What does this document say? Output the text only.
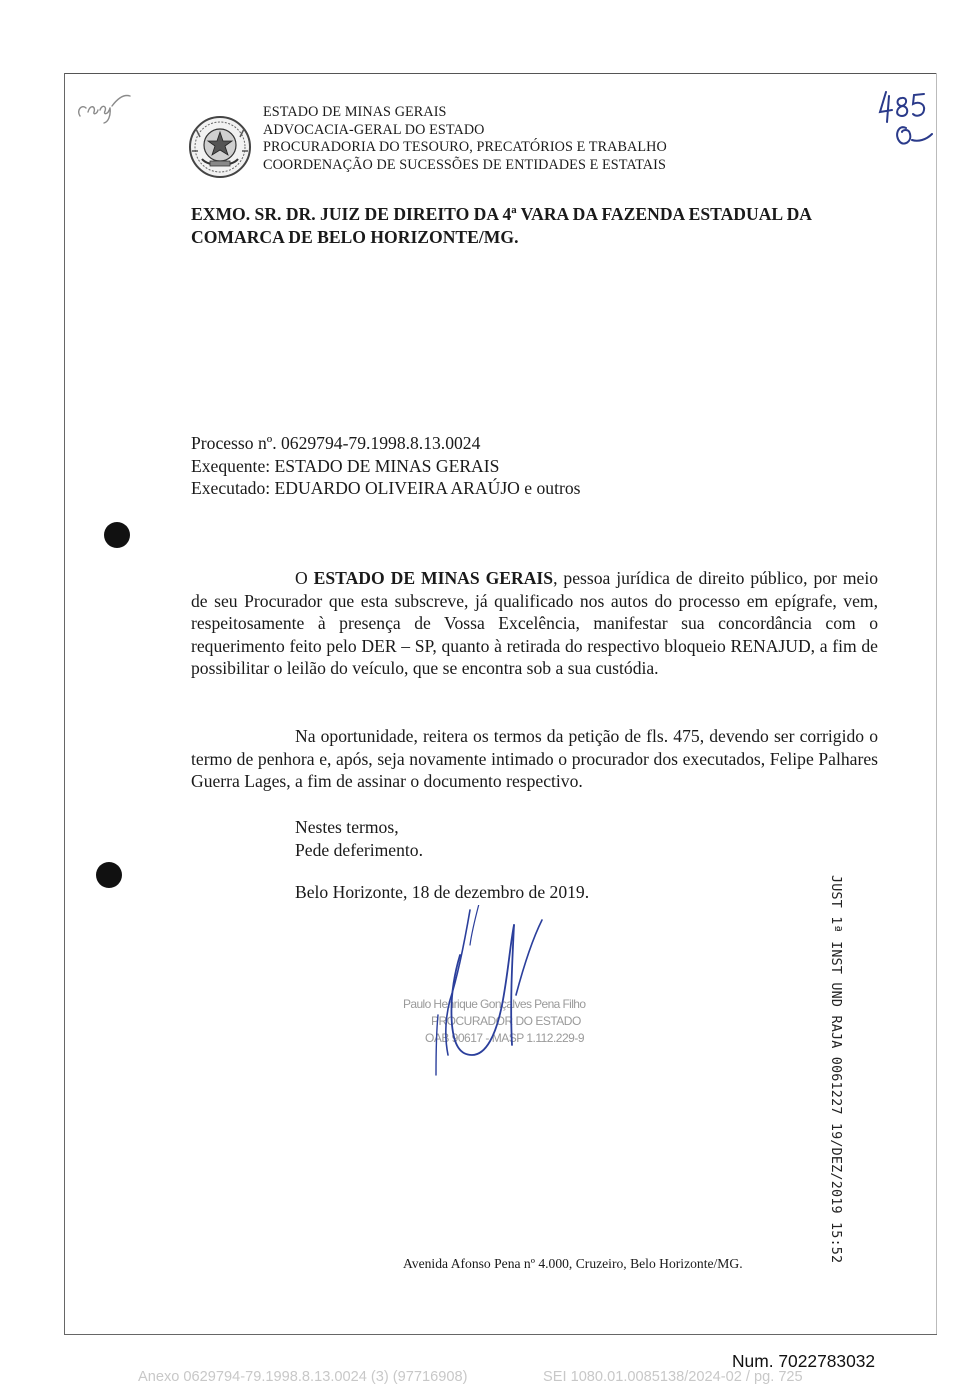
ESTADO DE MINAS GERAIS
ADVOCACIA-GERAL DO ESTADO
PROCURADORIA DO TESOURO, PRECATÓRIOS E TRABALHO
COORDENAÇÃO DE SUCESSÕES DE ENTIDADES E ESTATAIS
EXMO. SR. DR. JUIZ DE DIREITO DA 4ª VARA DA FAZENDA ESTADUAL DA COMARCA DE BELO HORIZONTE/MG.
Processo nº. 0629794-79.1998.8.13.0024
Exequente: ESTADO DE MINAS GERAIS
Executado: EDUARDO OLIVEIRA ARAÚJO e outros

O ESTADO DE MINAS GERAIS, pessoa jurídica de direito público, por meio de seu Procurador que esta subscreve, já qualificado nos autos do processo em epígrafe, vem, respeitosamente à presença de Vossa Excelência, manifestar sua concordância com o requerimento feito pelo DER – SP, quanto à retirada do respectivo bloqueio RENAJUD, a fim de possibilitar o leilão do veículo, que se encontra sob a sua custódia.

Na oportunidade, reitera os termos da petição de fls. 475, devendo ser corrigido o termo de penhora e, após, seja novamente intimado o procurador dos executados, Felipe Palhares Guerra Lages, a fim de assinar o documento respectivo.

Nestes termos,
Pede deferimento.
Belo Horizonte, 18 de dezembro de 2019.
Paulo Henrique Gonçalves Pena Filho
PROCURADOR DO ESTADO
OAB 90617 - MASP 1.112.229-9	JUST 1ª INST UND RAJA 0061227 19/DEZ/2019 15:52
Avenida Afonso Pena nº 4.000, Cruzeiro, Belo Horizonte/MG.
Num. 7022783032
Anexo 0629794-79.1998.8.13.0024 (3) (97716908)	SEI 1080.01.0085138/2024-02 / pg. 725
